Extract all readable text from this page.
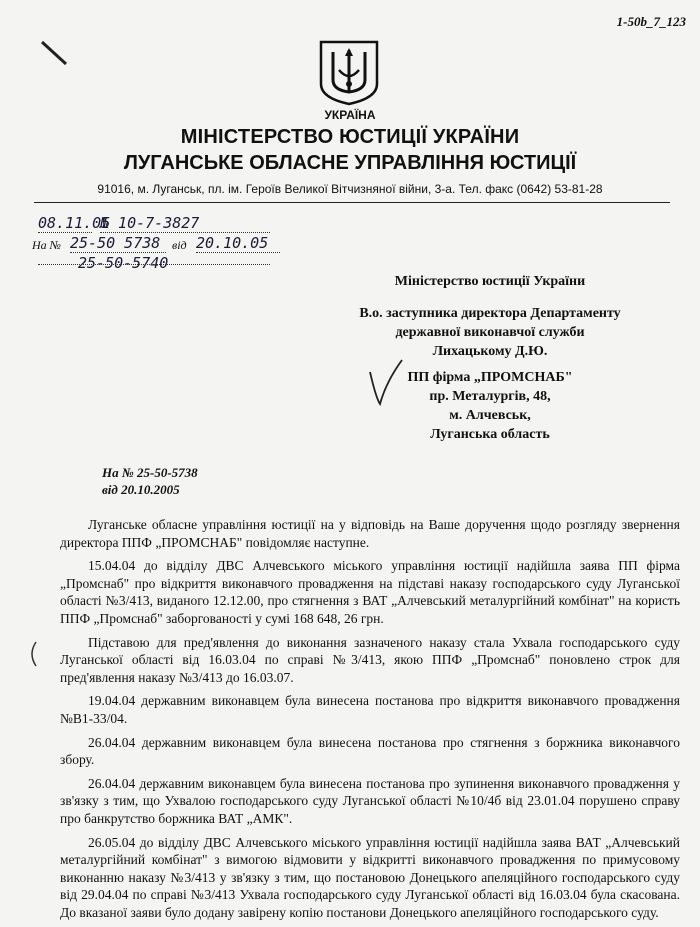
1-50b_7_123
УКРАЇНА
МІНІСТЕРСТВО ЮСТИЦІЇ УКРАЇНИ
ЛУГАНСЬКЕ ОБЛАСНЕ УПРАВЛІННЯ ЮСТИЦІЇ
91016, м. Луганськ, пл. ім. Героїв Великої Вітчизняної війни, 3-а. Тел. факс (0642) 53-81-28
08.11.05
№ 10-7-3827
На № 25-50 5738 від 20.10.05
25-50-5740
Міністерство юстиції України
В.о. заступника директора Департаменту
державної виконавчої служби
Лихацькому Д.Ю.
ПП фірма „ПРОМСНАБ"
пр. Металургів, 48,
м. Алчевськ,
Луганська область
На № 25-50-5738
від 20.10.2005

Луганське обласне управління юстиції на у відповідь на Ваше доручення щодо розгляду звернення директора ППФ „ПРОМСНАБ" повідомляє наступне.

15.04.04 до відділу ДВС Алчевського міського управління юстиції надійшла заява ПП фірма „Промснаб" про відкриття виконавчого провадження на підставі наказу господарського суду Луганської області №3/413, виданого 12.12.00, про стягнення з ВАТ „Алчевський металургійний комбінат" на користь ППФ „Промснаб" заборгованості у сумі 168 648, 26 грн.

Підставою для пред'явлення до виконання зазначеного наказу стала Ухвала господарського суду Луганської області від 16.03.04 по справі №3/413, якою ППФ „Промснаб" поновлено строк для пред'явлення наказу №3/413 до 16.03.07.

19.04.04 державним виконавцем була винесена постанова про відкриття виконавчого провадження №В1-33/04.

26.04.04 державним виконавцем була винесена постанова про стягнення з боржника виконавчого збору.

26.04.04 державним виконавцем була винесена постанова про зупинення виконавчого провадження у зв'язку з тим, що Ухвалою господарського суду Луганської області №10/4б від 23.01.04 порушено справу про банкрутство боржника ВАТ „АМК".

26.05.04 до відділу ДВС Алчевського міського управління юстиції надійшла заява ВАТ „Алчевський металургійний комбінат" з вимогою відмовити у відкритті виконавчого провадження по примусовому виконанню наказу №3/413 у зв'язку з тим, що постановою Донецького апеляційного господарського суду від 29.04.04 по справі №3/413 Ухвала господарського суду Луганської області від 16.03.04 була скасована. До вказаної заяви було додану завірену копію постанови Донецького апеляційного господарського суду.
